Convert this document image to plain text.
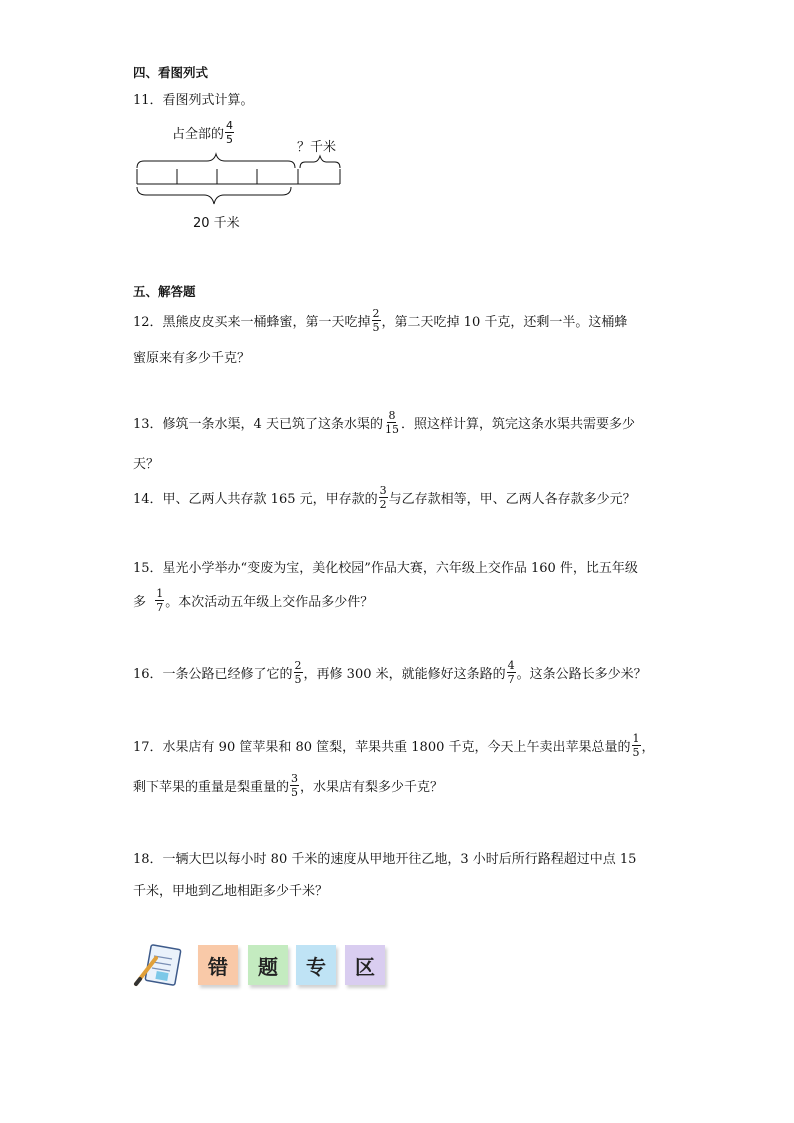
四、看图列式
11．看图列式计算。
占全部的 $\frac{4}{5}$
？千米
20 千米
五、解答题
12．黑熊皮皮买来一桶蜂蜜，第一天吃掉 $\frac{2}{5}$ ，第二天吃掉 10 千克，还剩一半。这桶蜂
蜜原来有多少千克？
13．修筑一条水渠，4 天已筑了这条水渠的 $\frac{8}{15}$ ．照这样计算，筑完这条水渠共需要多少
天？
14．甲、乙两人共存款 165 元，甲存款的 $\frac{3}{2}$ 与乙存款相等，甲、乙两人各存款多少元？
15．星光小学举办“变废为宝，美化校园”作品大赛，六年级上交作品 160 件，比五年级
多 $\frac{1}{7}$ 。本次活动五年级上交作品多少件？
16．一条公路已经修了它的 $\frac{2}{5}$ ，再修 300 米，就能修好这条路的 $\frac{4}{7}$ 。这条公路长多少米？
17．水果店有 90 筐苹果和 80 筐梨，苹果共重 1800 千克，今天上午卖出苹果总量的 $\frac{1}{5}$ ，
剩下苹果的重量是梨重量的 $\frac{3}{5}$ ，水果店有梨多少千克？
18．一辆大巴以每小时 80 千米的速度从甲地开往乙地，3 小时后所行路程超过中点 15
千米，甲地到乙地相距多少千米？
错	题	专	区
